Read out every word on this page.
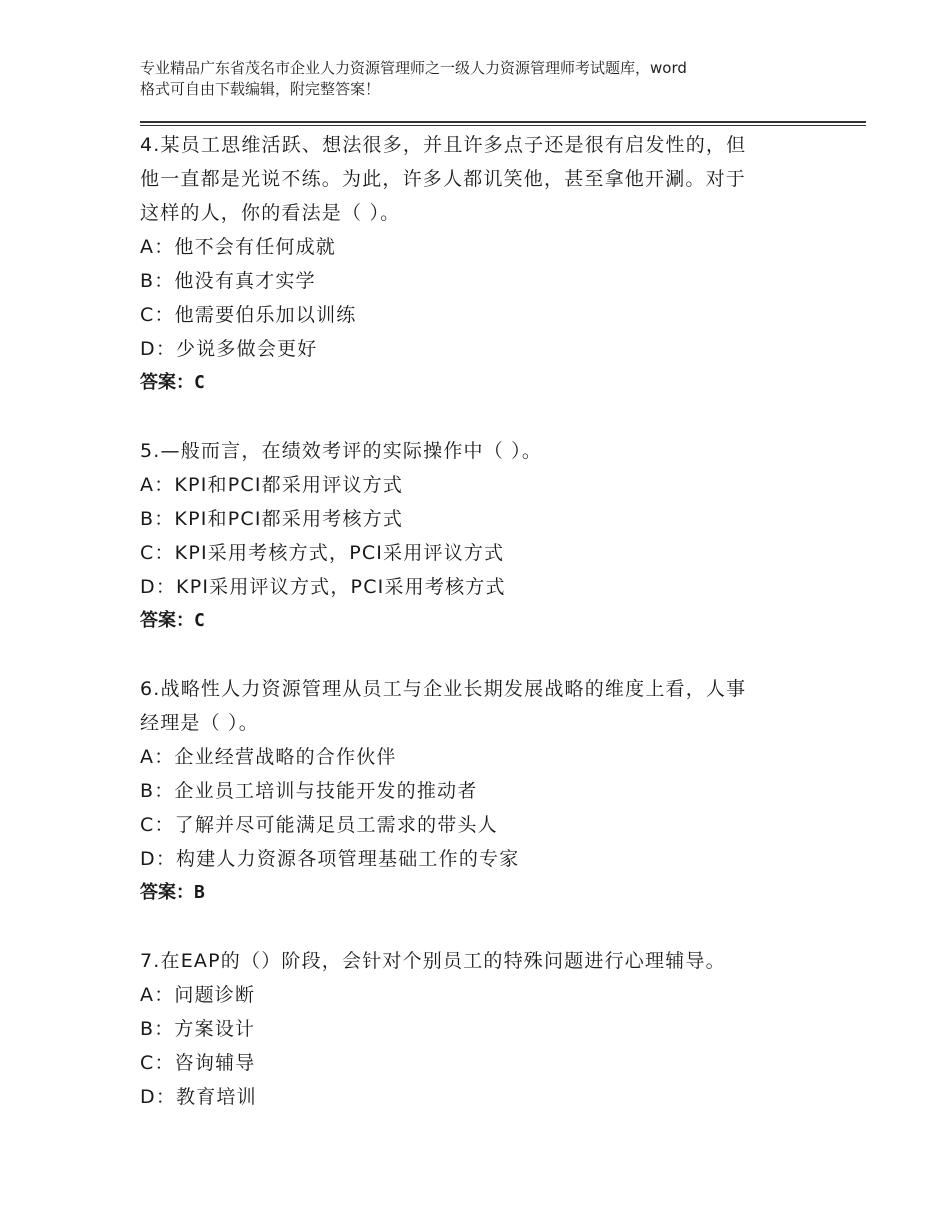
专业精品广东省茂名市企业人力资源管理师之一级人力资源管理师考试题库，word
格式可自由下载编辑，附完整答案！
4.某员工思维活跃、想法很多，并且许多点子还是很有启发性的，但
他一直都是光说不练。为此，许多人都讥笑他，甚至拿他开涮。对于
这样的人，你的看法是（ ）。
A：他不会有任何成就
B：他没有真才实学
C：他需要伯乐加以训练
D：少说多做会更好
答案：C
5.—般而言，在绩效考评的实际操作中（ ）。
A：KPI和PCI都采用评议方式
B：KPI和PCI都采用考核方式
C：KPI采用考核方式，PCI采用评议方式
D：KPI采用评议方式，PCI采用考核方式
答案：C
6.战略性人力资源管理从员工与企业长期发展战略的维度上看，人事
经理是（ ）。
A：企业经营战略的合作伙伴
B：企业员工培训与技能开发的推动者
C：了解并尽可能满足员工需求的带头人
D：构建人力资源各项管理基础工作的专家
答案：B
7.在EAP的（）阶段，会针对个别员工的特殊问题进行心理辅导。
A：问题诊断
B：方案设计
C：咨询辅导
D：教育培训
